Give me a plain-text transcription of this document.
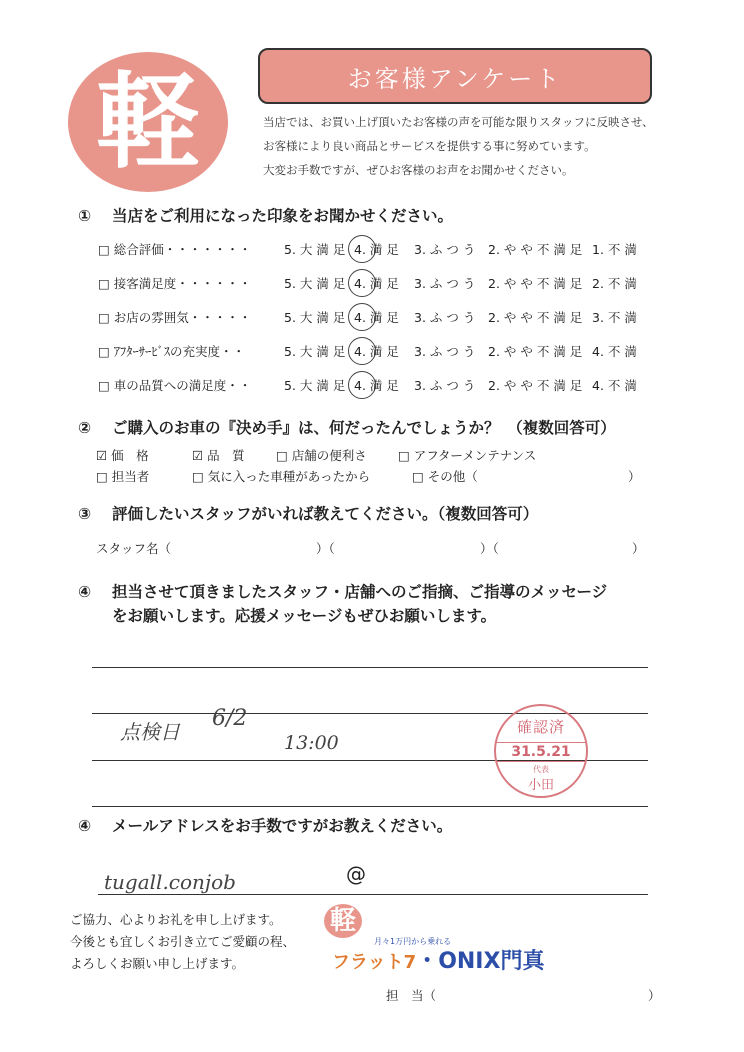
軽	お客様アンケート
当店では、お買い上げ頂いたお客様の声を可能な限りスタッフに反映させ、
お客様により良い商品とサービスを提供する事に努めています。
大変お手数ですが、ぜひお客様のお声をお聞かせください。
① 当店をご利用になった印象をお聞かせください。
□ 総合評価・・・・・・・	5. 大 満 足 4. 満 足 3. ふ つ う 2. や や 不 満 足 1. 不 満
□ 接客満足度・・・・・・	5. 大 満 足 4. 満 足 3. ふ つ う 2. や や 不 満 足 2. 不 満
□ お店の雰囲気・・・・・	5. 大 満 足 4. 満 足 3. ふ つ う 2. や や 不 満 足 3. 不 満
□ ｱﾌﾀｰｻｰﾋﾞｽの充実度・・	5. 大 満 足 4. 満 足 3. ふ つ う 2. や や 不 満 足 4. 不 満
□ 車の品質への満足度・・	5. 大 満 足 4. 満 足 3. ふ つ う 2. や や 不 満 足 4. 不 満
② ご購入のお車の『決め手』は、何だったんでしょうか？　（複数回答可）
☑ 価　格	☑ 品　質	□ 店舗の便利さ □ アフターメンテナンス
□ 担当者	□ 気に入った車種があったから	□ その他（	）
③ 評価したいスタッフがいれば教えてください。（複数回答可）
スタッフ名（	）（	）（	）
④ 担当させて頂きましたスタッフ・店舗へのご指摘、ご指導のメッセージ
をお願いします。応援メッセージもぜひお願いします。
点検日
6/2
13:00
確認済
31.5.21
代表
小田
④ メールアドレスをお手数ですがお教えください。
tugall.conjob	@
ご協力、心よりお礼を申し上げます。
今後とも宜しくお引き立てご愛顧の程、
よろしくお願い申し上げます。
軽
月々1万円から乗れる
フラット7・ONIX門真
担　当（	）
